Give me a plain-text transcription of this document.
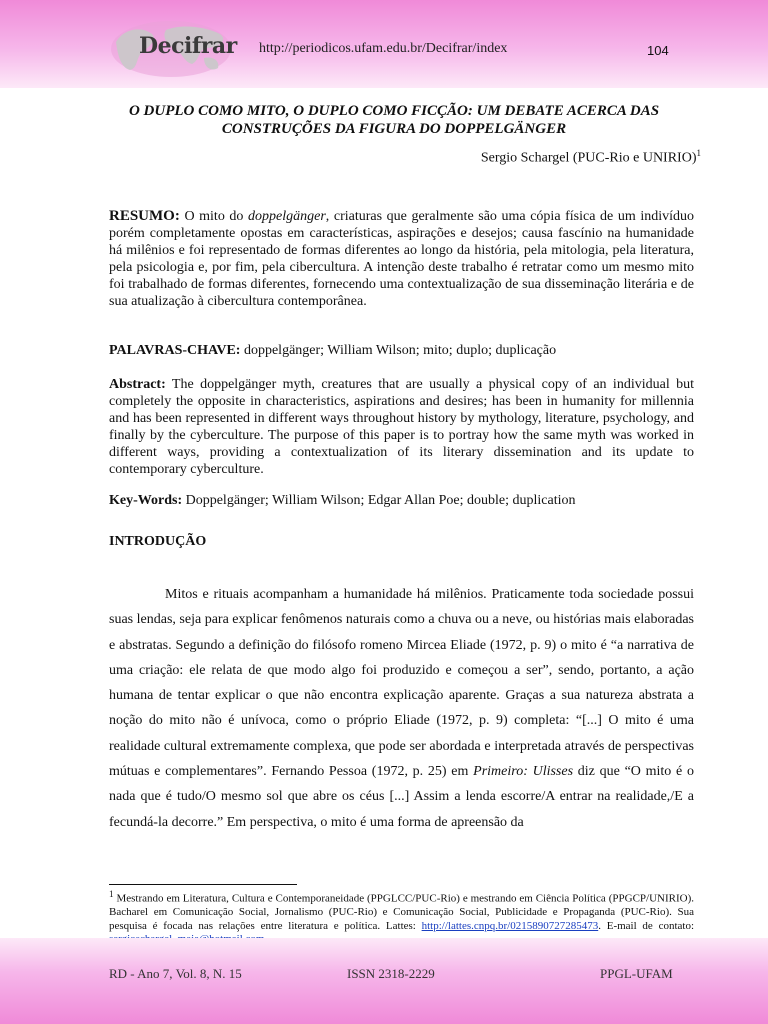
Decifrar http://periodicos.ufam.edu.br/Decifrar/index	104
O DUPLO COMO MITO, O DUPLO COMO FICÇÃO: UM DEBATE ACERCA DAS
CONSTRUÇÕES DA FIGURA DO DOPPELGÄNGER
Sergio Schargel (PUC-Rio e UNIRIO)$^1$
RESUMO: O mito do doppelgänger, criaturas que geralmente são uma cópia física de um indivíduo porém completamente opostas em características, aspirações e desejos; causa fascínio na humanidade há milênios e foi representado de formas diferentes ao longo da história, pela mitologia, pela literatura, pela psicologia e, por fim, pela cibercultura. A intenção deste trabalho é retratar como um mesmo mito foi trabalhado de formas diferentes, fornecendo uma contextualização de sua disseminação literária e de sua atualização à cibercultura contemporânea.
PALAVRAS-CHAVE: doppelgänger; William Wilson; mito; duplo; duplicação
Abstract: The doppelgänger myth, creatures that are usually a physical copy of an individual but completely the opposite in characteristics, aspirations and desires; has been in humanity for millennia and has been represented in different ways throughout history by mythology, literature, psychology, and finally by the cyberculture. The purpose of this paper is to portray how the same myth was worked in different ways, providing a contextualization of its literary dissemination and its update to contemporary cyberculture.
Key-Words: Doppelgänger; William Wilson; Edgar Allan Poe; double; duplication
INTRODUÇÃO
Mitos e rituais acompanham a humanidade há milênios. Praticamente toda sociedade possui suas lendas, seja para explicar fenômenos naturais como a chuva ou a neve, ou histórias mais elaboradas e abstratas. Segundo a definição do filósofo romeno Mircea Eliade (1972, p. 9) o mito é “a narrativa de uma criação: ele relata de que modo algo foi produzido e começou a ser”, sendo, portanto, a ação humana de tentar explicar o que não encontra explicação aparente. Graças a sua natureza abstrata a noção do mito não é unívoca, como o próprio Eliade (1972, p. 9) completa: “[...] O mito é uma realidade cultural extremamente complexa, que pode ser abordada e interpretada através de perspectivas mútuas e complementares”. Fernando Pessoa (1972, p. 25) em Primeiro: Ulisses diz que “O mito é o nada que é tudo/O mesmo sol que abre os céus [...] Assim a lenda escorre/A entrar na realidade,/E a fecundá-la decorre.” Em perspectiva, o mito é uma forma de apreensão da
$^1$ Mestrando em Literatura, Cultura e Contemporaneidade (PPGLCC/PUC-Rio) e mestrando em Ciência Política (PPGCP/UNIRIO). Bacharel em Comunicação Social, Jornalismo (PUC-Rio) e Comunicação Social, Publicidade e Propaganda (PUC-Rio). Sua pesquisa é focada nas relações entre literatura e política. Lattes: http://lattes.cnpq.br/0215890727285473. E-mail de contato:
RD - Ano 7, Vol. 8, N. 15	ISSN 2318-2229	PPGL-UFAM
